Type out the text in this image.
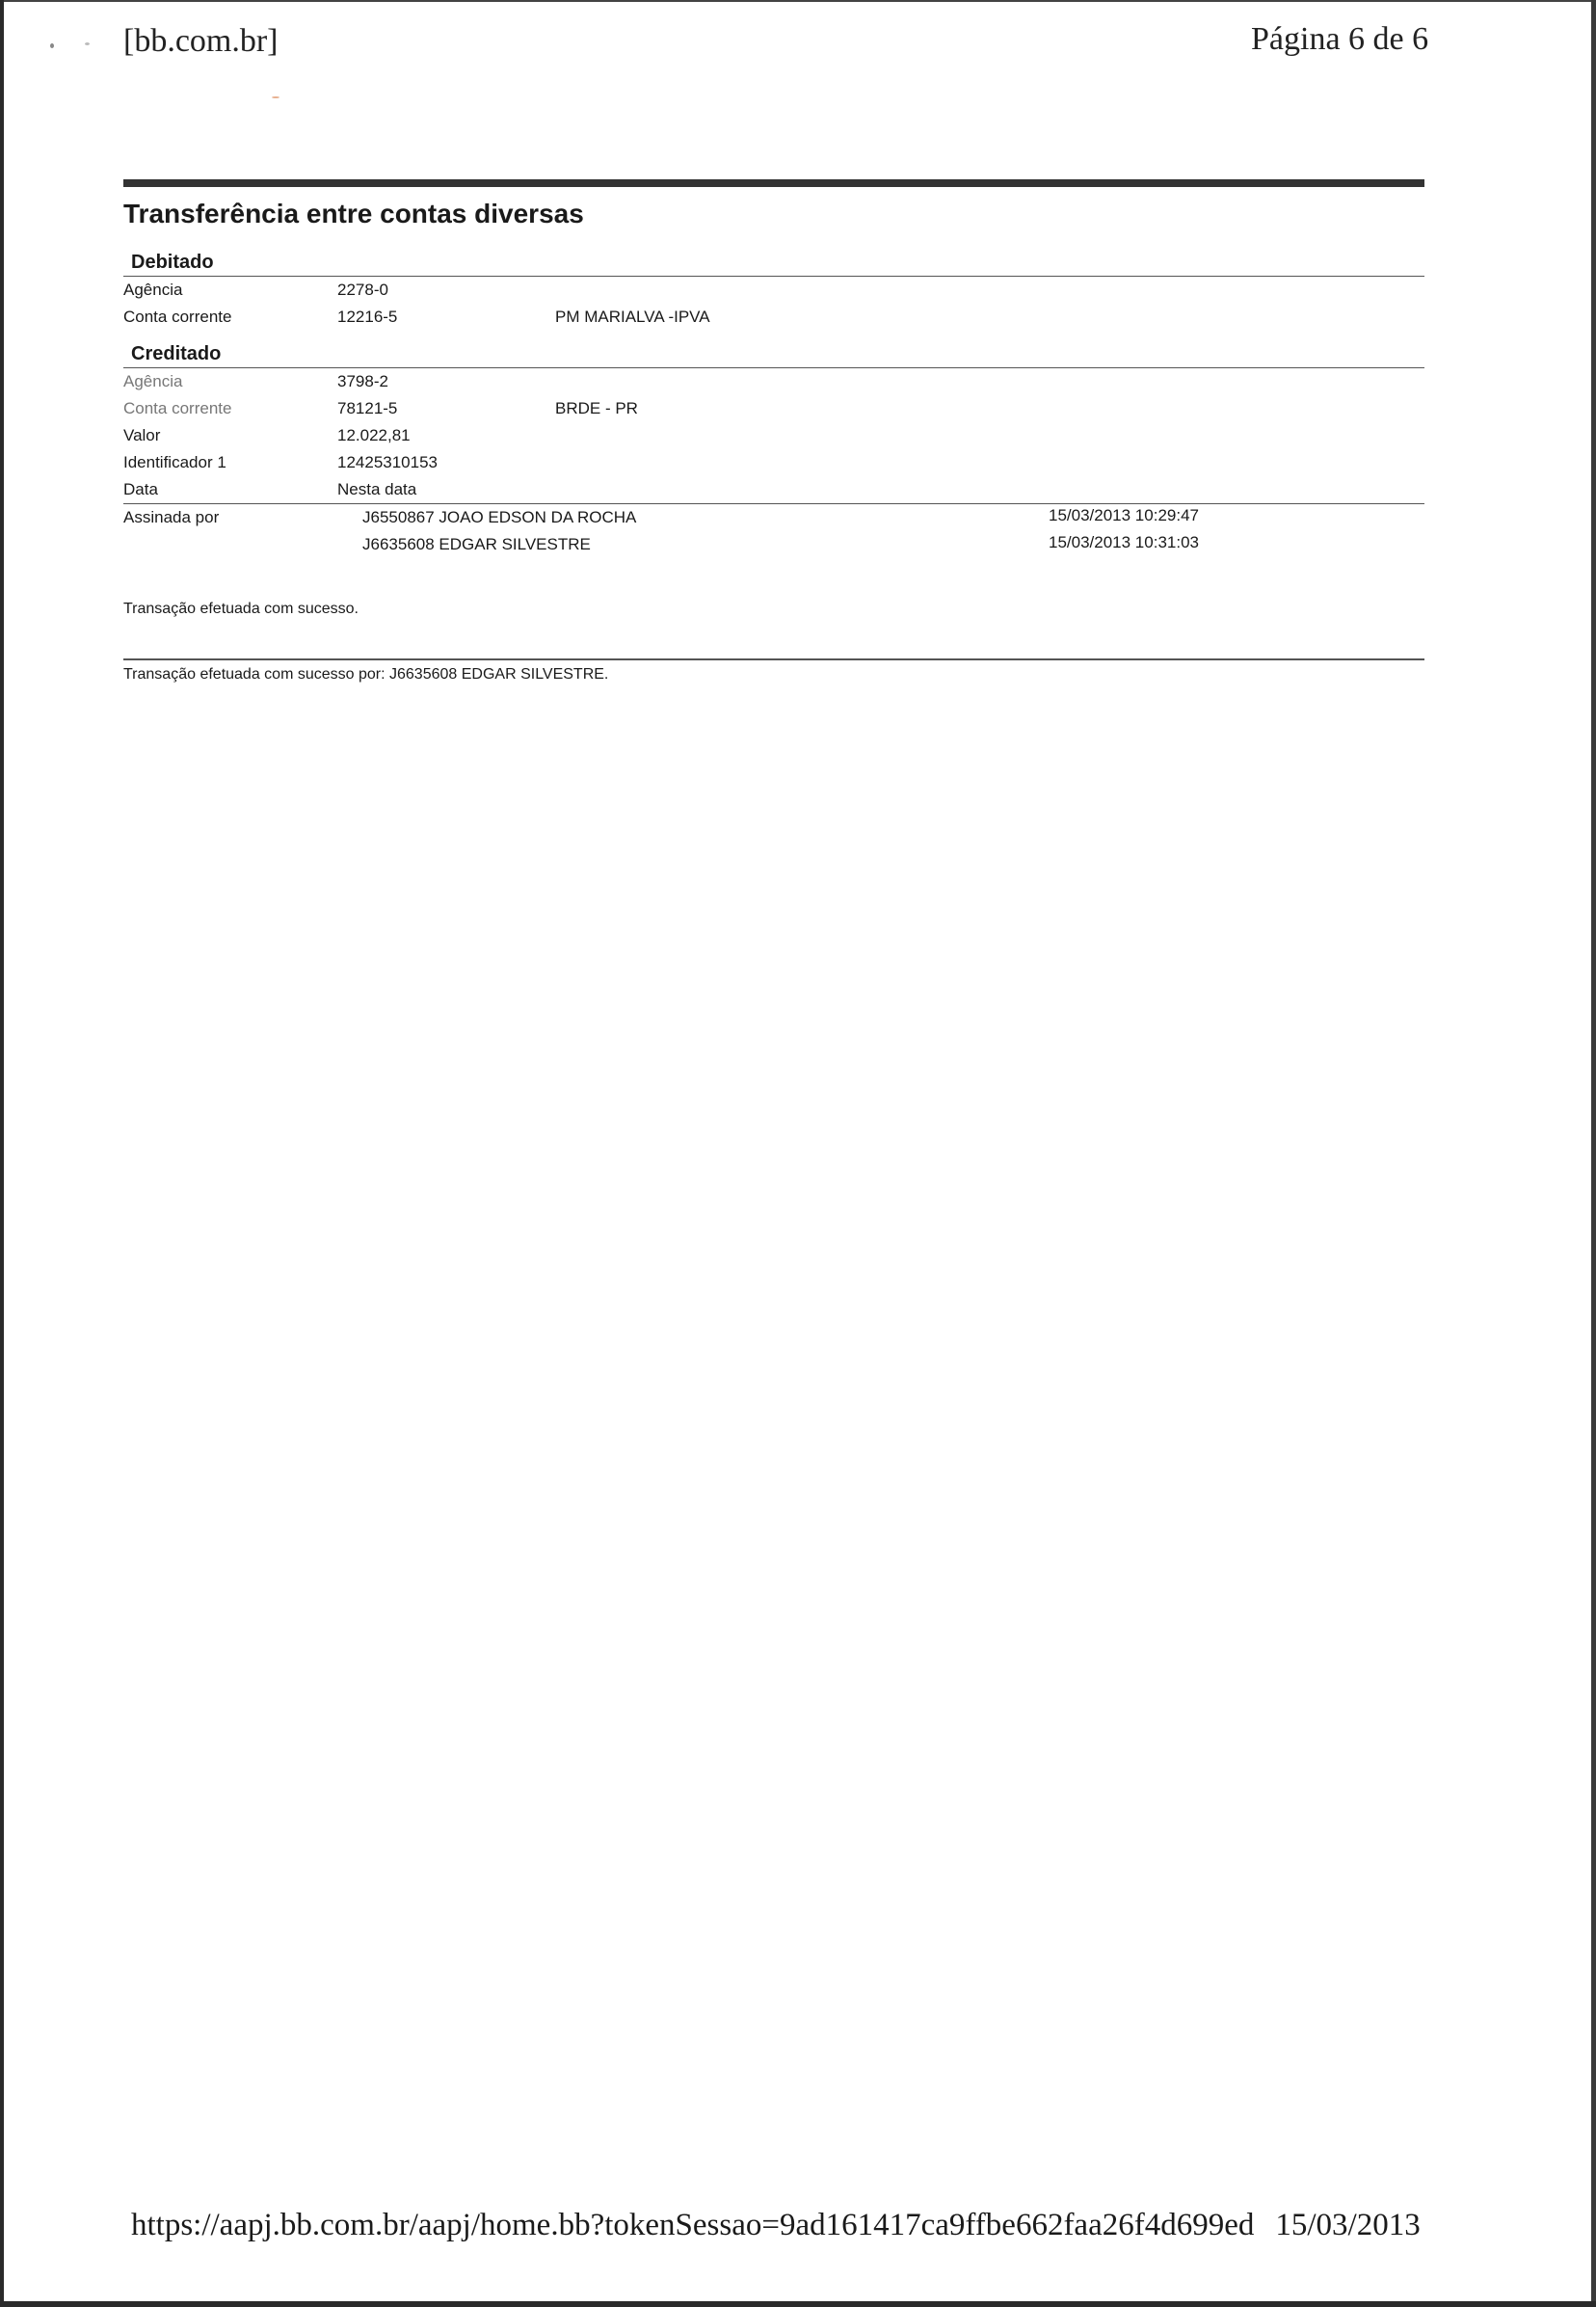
[bb.com.br]	Página 6 de 6
Transferência entre contas diversas
Debitado
Agência	2278-0
Conta corrente	12216-5	PM MARIALVA -IPVA
Creditado
Agência	3798-2
Conta corrente	78121-5	BRDE - PR
Valor	12.022,81
Identificador 1	12425310153
Data	Nesta data
Assinada por	J6550867 JOAO EDSON DA ROCHA	15/03/2013 10:29:47
J6635608 EDGAR SILVESTRE	15/03/2013 10:31:03
Transação efetuada com sucesso.
Transação efetuada com sucesso por: J6635608 EDGAR SILVESTRE.
https://aapj.bb.com.br/aapj/home.bb?tokenSessao=9ad161417ca9ffbe662faa26f4d699ed 15/03/2013
